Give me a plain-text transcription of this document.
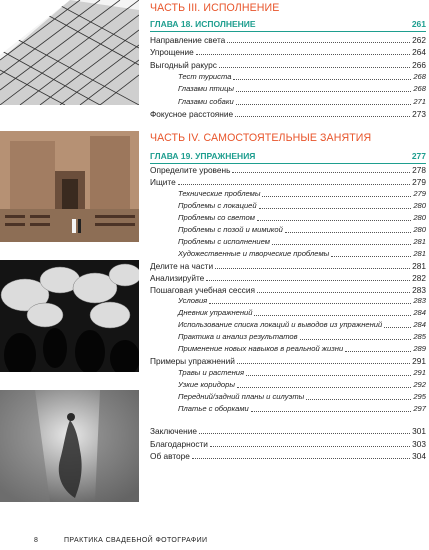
ЧАСТЬ III. ИСПОЛНЕНИЕ
ГЛАВА 18. ИСПОЛНЕНИЕ	261
Направление света	262
Упрощение	264
Выгодный ракурс	266
Тест туриста	268
Глазами птицы	268
Глазами собаки	271
Фокусное расстояние	273
ЧАСТЬ IV. САМОСТОЯТЕЛЬНЫЕ ЗАНЯТИЯ
ГЛАВА 19. УПРАЖНЕНИЯ	277
Определите уровень	278
Ищите	279
Технические проблемы	279
Проблемы с локацией	280
Проблемы со светом	280
Проблемы с позой и мимикой	280
Проблемы с исполнением	281
Художественные и творческие проблемы	281
Делите на части	281
Анализируйте	282
Пошаговая учебная сессия	283
Условия	283
Дневник упражнений	284
Использование списка локаций и выводов из упражнений	284
Практика и анализ результатов	285
Применение новых навыков в реальной жизни	289
Примеры упражнений	291
Травы и растения	291
Узкие коридоры	292
Передний/задний планы и силуэты	295
Платье с оборками	297
Заключение	301
Благодарности	303
Об авторе	304
8	ПРАКТИКА СВАДЕБНОЙ ФОТОГРАФИИ
